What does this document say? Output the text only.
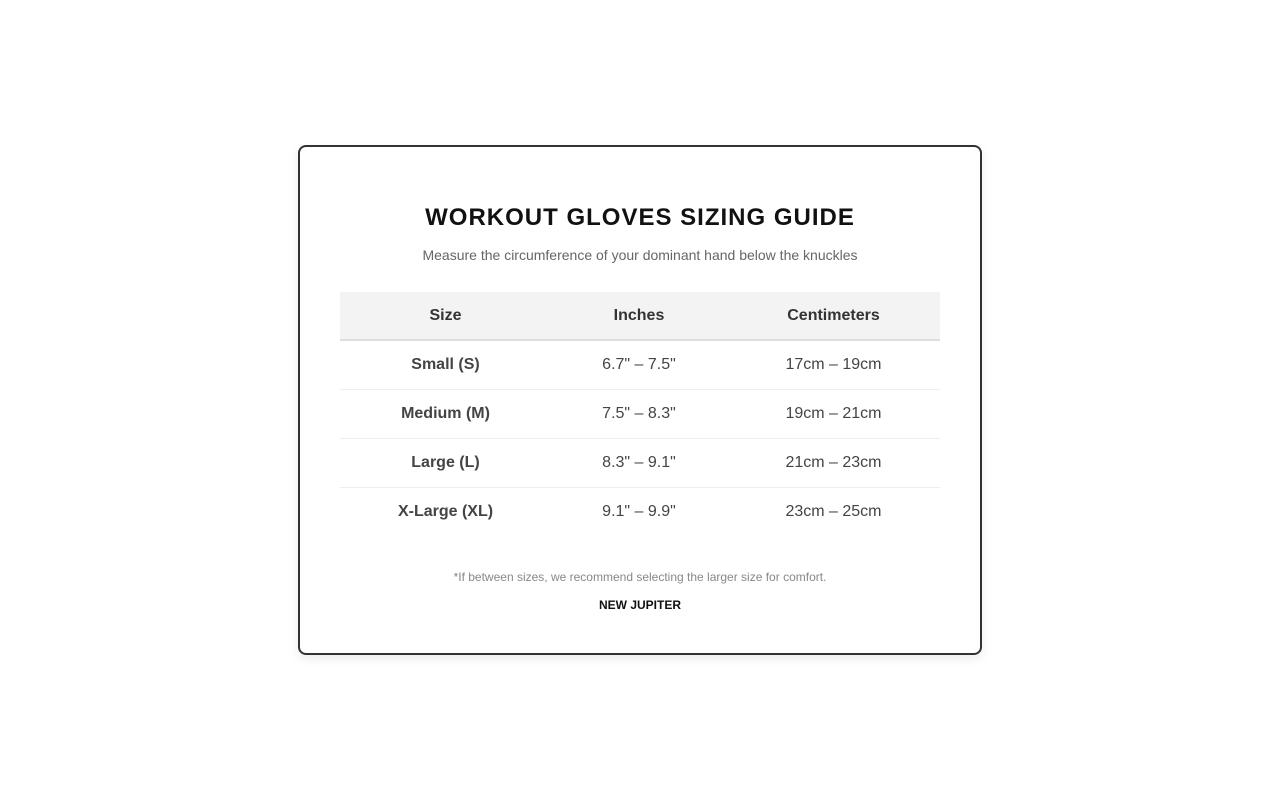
WORKOUT GLOVES SIZING GUIDE

Measure the circumference of your dominant hand below the knuckles

Size	Inches	Centimeters
Small (S)	6.7" – 7.5"	17cm – 19cm
Medium (M)	7.5" – 8.3"	19cm – 21cm
Large (L)	8.3" – 9.1"	21cm – 23cm
X-Large (XL)	9.1" – 9.9"	23cm – 25cm

*If between sizes, we recommend selecting the larger size for comfort.

NEW JUPITER
